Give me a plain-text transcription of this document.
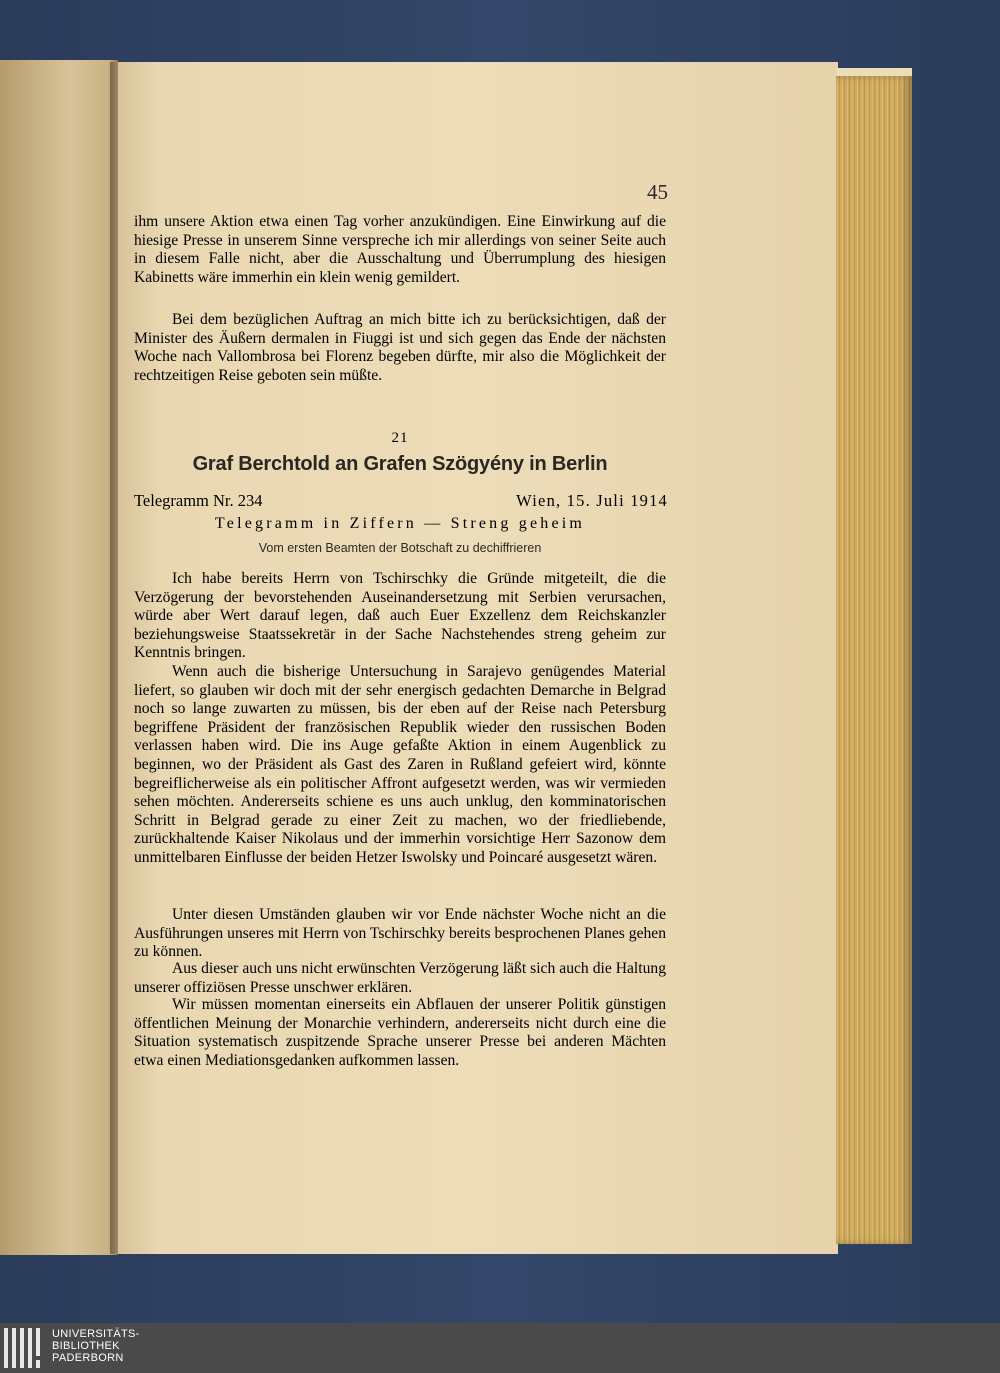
45

ihm unsere Aktion etwa einen Tag vorher anzukündigen. Eine Einwirkung auf die hiesige Presse in unserem Sinne verspreche ich mir allerdings von seiner Seite auch in diesem Falle nicht, aber die Ausschaltung und Überrumplung des hiesigen Kabinetts wäre immerhin ein klein wenig gemildert.

Bei dem bezüglichen Auftrag an mich bitte ich zu berücksichtigen, daß der Minister des Äußern dermalen in Fiuggi ist und sich gegen das Ende der nächsten Woche nach Vallombrosa bei Florenz begeben dürfte, mir also die Möglichkeit der rechtzeitigen Reise geboten sein müßte.

21
Graf Berchtold an Grafen Szögyény in Berlin
Telegramm Nr. 234	Wien, 15. Juli 1914
Telegramm in Ziffern — Streng geheim
Vom ersten Beamten der Botschaft zu dechiffrieren

Ich habe bereits Herrn von Tschirschky die Gründe mitgeteilt, die die Verzögerung der bevorstehenden Auseinandersetzung mit Serbien verursachen, würde aber Wert darauf legen, daß auch Euer Exzellenz dem Reichskanzler beziehungsweise Staatssekretär in der Sache Nachstehendes streng geheim zur Kenntnis bringen.

Wenn auch die bisherige Untersuchung in Sarajevo genügendes Material liefert, so glauben wir doch mit der sehr energisch gedachten Demarche in Belgrad noch so lange zuwarten zu müssen, bis der eben auf der Reise nach Petersburg begriffene Präsident der französischen Republik wieder den russischen Boden verlassen haben wird. Die ins Auge gefaßte Aktion in einem Augenblick zu beginnen, wo der Präsident als Gast des Zaren in Rußland gefeiert wird, könnte begreiflicherweise als ein politischer Affront aufgesetzt werden, was wir vermieden sehen möchten. Andererseits schiene es uns auch unklug, den komminatorischen Schritt in Belgrad gerade zu einer Zeit zu machen, wo der friedliebende, zurückhaltende Kaiser Nikolaus und der immerhin vorsichtige Herr Sazonow dem unmittelbaren Einflusse der beiden Hetzer Iswolsky und Poincaré ausgesetzt wären.

Unter diesen Umständen glauben wir vor Ende nächster Woche nicht an die Ausführungen unseres mit Herrn von Tschirschky bereits besprochenen Planes gehen zu können.

Aus dieser auch uns nicht erwünschten Verzögerung läßt sich auch die Haltung unserer offiziösen Presse unschwer erklären.

Wir müssen momentan einerseits ein Abflauen der unserer Politik günstigen öffentlichen Meinung der Monarchie verhindern, andererseits nicht durch eine die Situation systematisch zuspitzende Sprache unserer Presse bei anderen Mächten etwa einen Mediationsgedanken aufkommen lassen.

UNIVERSITÄTS-
BIBLIOTHEK
PADERBORN
